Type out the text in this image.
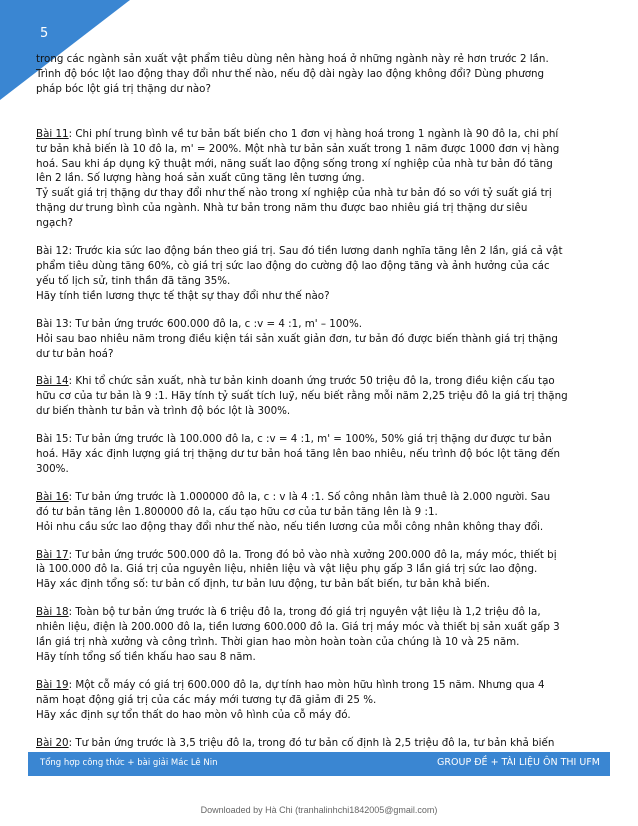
5

trong các ngành sản xuất vật phẩm tiêu dùng nên hàng hoá ở những ngành này rẻ hơn trước 2 lần.

Trình độ bóc lột lao động thay đổi như thế nào, nếu độ dài ngày lao động không đổi? Dùng phương

pháp bóc lột giá trị thặng dư nào?

Bài 11: Chi phí trung bình về tư bản bất biến cho 1 đơn vị hàng hoá trong 1 ngành là 90 đô la, chi phí

tư bản khả biến là 10 đô la, m' = 200%. Một nhà tư bản sản xuất trong 1 năm được 1000 đơn vị hàng

hoá. Sau khi áp dụng kỹ thuật mới, năng suất lao động sống trong xí nghiệp của nhà tư bản đó tăng

lên 2 lần. Số lượng hàng hoá sản xuất cũng tăng lên tương ứng.

Tỷ suất giá trị thặng dư thay đổi như thế nào trong xí nghiệp của nhà tư bản đó so với tỷ suất giá trị

thặng dư trung bình của ngành. Nhà tư bản trong năm thu được bao nhiêu giá trị thặng dư siêu

ngạch?

Bài 12: Trước kia sức lao động bán theo giá trị. Sau đó tiền lương danh nghĩa tăng lên 2 lần, giá cả vật

phẩm tiêu dùng tăng 60%, cò giá trị sức lao động do cường độ lao động tăng và ảnh hưởng của các

yếu tố lịch sử, tinh thần đã tăng 35%.

Hãy tính tiền lương thực tế thật sự thay đổi như thế nào?

Bài 13: Tư bản ứng trước 600.000 đô la, c :v = 4 :1, m' – 100%.

Hỏi sau bao nhiêu năm trong điều kiện tái sản xuất giản đơn, tư bản đó được biến thành giá trị thặng

dư tư bản hoá?

Bài 14: Khi tổ chức sản xuất, nhà tư bản kinh doanh ứng trước 50 triệu đô la, trong điều kiện cấu tạo

hữu cơ của tư bản là 9 :1. Hãy tính tỷ suất tích luỹ, nếu biết rằng mỗi năm 2,25 triệu đô la giá trị thặng

dư biến thành tư bản và trình độ bóc lột là 300%.

Bài 15: Tư bản ứng trước là 100.000 đô la, c :v = 4 :1, m' = 100%, 50% giá trị thặng dư được tư bản

hoá. Hãy xác định lượng giá trị thặng dư tư bản hoá tăng lên bao nhiêu, nếu trình độ bóc lột tăng đến

300%.

Bài 16: Tư bản ứng trước là 1.000000 đô la, c : v là 4 :1. Số công nhân làm thuê là 2.000 người. Sau

đó tư bản tăng lên 1.800000 đô la, cấu tạo hữu cơ của tư bản tăng lên là 9 :1.

Hỏi nhu cầu sức lao động thay đổi như thế nào, nếu tiền lương của mỗi công nhân không thay đổi.

Bài 17: Tư bản ứng trước 500.000 đô la. Trong đó bỏ vào nhà xưởng 200.000 đô la, máy móc, thiết bị

là 100.000 đô la. Giá trị của nguyên liệu, nhiên liệu và vật liệu phụ gấp 3 lần giá trị sức lao động.

Hãy xác định tổng số: tư bản cố định, tư bản lưu động, tư bản bất biến, tư bản khả biến.

Bài 18: Toàn bộ tư bản ứng trước là 6 triệu đô la, trong đó giá trị nguyên vật liệu là 1,2 triệu đô la,

nhiên liệu, điện là 200.000 đô la, tiền lương 600.000 đô la. Giá trị máy móc và thiết bị sản xuất gấp 3

lần giá trị nhà xưởng và công trình. Thời gian hao mòn hoàn toàn của chúng là 10 và 25 năm.

Hãy tính tổng số tiền khấu hao sau 8 năm.

Bài 19: Một cỗ máy có giá trị 600.000 đô la, dự tính hao mòn hữu hình trong 15 năm. Nhưng qua 4

năm hoạt động giá trị của các máy mới tương tự đã giảm đi 25 %.

Hãy xác định sự tổn thất do hao mòn vô hình của cỗ máy đó.

Bài 20: Tư bản ứng trước là 3,5 triệu đô la, trong đó tư bản cố định là 2,5 triệu đô la, tư bản khả biến

Tổng hợp công thức + bài giải Mác Lê Nin	GROUP ĐỀ + TÀI LIỆU ÔN THI UFM
Downloaded by Hà Chi (tranhalinhchi1842005@gmail.com)
